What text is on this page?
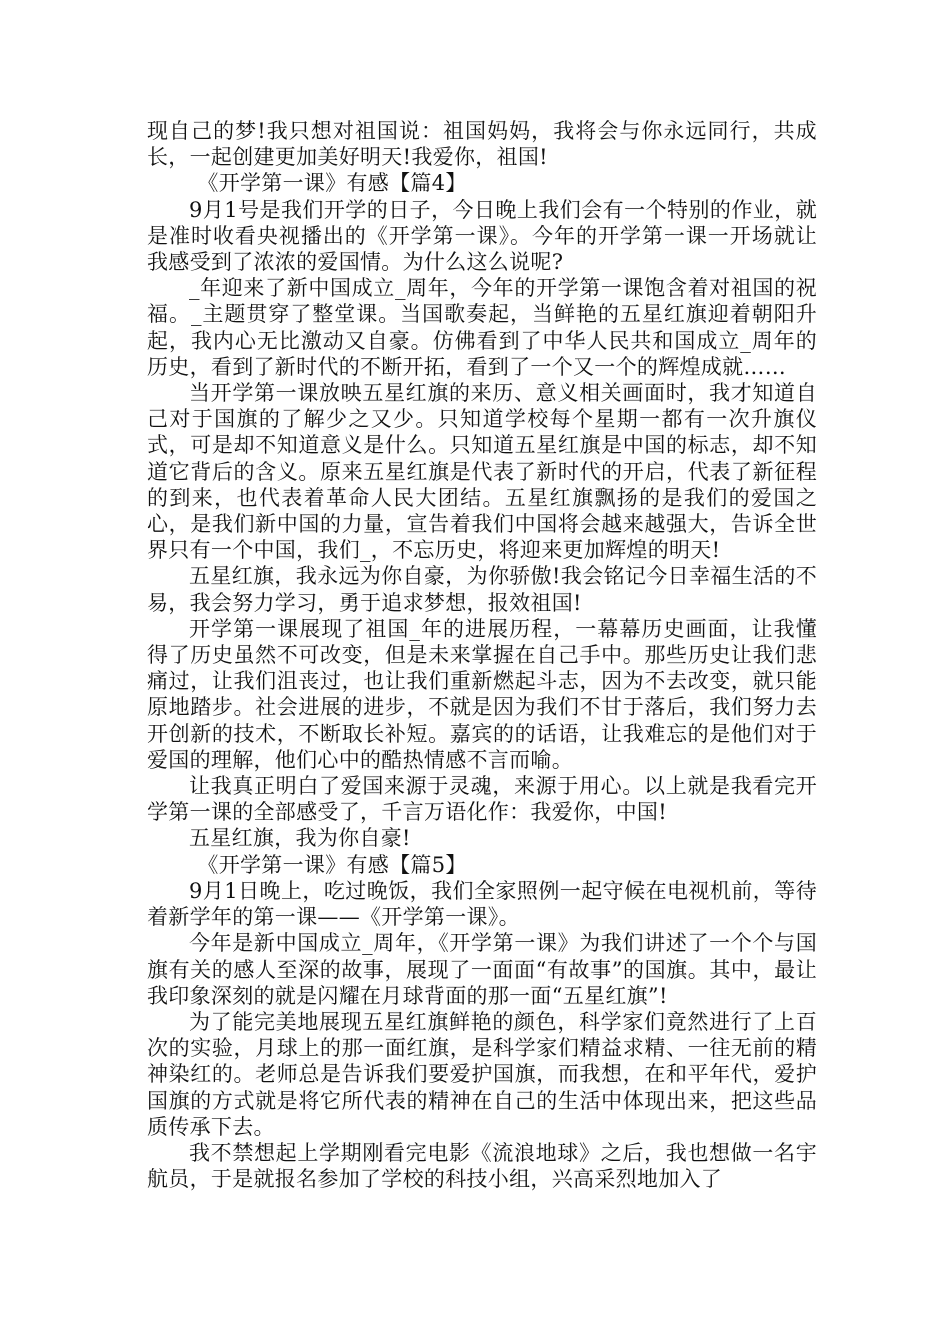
现自己的梦!我只想对祖国说：祖国妈妈，我将会与你永远同行，共成长，一起创建更加美好明天!我爱你，祖国!

《开学第一课》有感【篇4】

9月1号是我们开学的日子，今日晚上我们会有一个特别的作业，就是准时收看央视播出的《开学第一课》。今年的开学第一课一开场就让我感受到了浓浓的爱国情。为什么这么说呢?

_年迎来了新中国成立_周年，今年的开学第一课饱含着对祖国的祝福。_主题贯穿了整堂课。当国歌奏起，当鲜艳的五星红旗迎着朝阳升起，我内心无比激动又自豪。仿佛看到了中华人民共和国成立_周年的历史，看到了新时代的不断开拓，看到了一个又一个的辉煌成就……

当开学第一课放映五星红旗的来历、意义相关画面时，我才知道自己对于国旗的了解少之又少。只知道学校每个星期一都有一次升旗仪式，可是却不知道意义是什么。只知道五星红旗是中国的标志，却不知道它背后的含义。原来五星红旗是代表了新时代的开启，代表了新征程的到来，也代表着革命人民大团结。五星红旗飘扬的是我们的爱国之心，是我们新中国的力量，宣告着我们中国将会越来越强大，告诉全世界只有一个中国，我们_，不忘历史，将迎来更加辉煌的明天!

五星红旗，我永远为你自豪，为你骄傲!我会铭记今日幸福生活的不易，我会努力学习，勇于追求梦想，报效祖国!

开学第一课展现了祖国_年的进展历程，一幕幕历史画面，让我懂得了历史虽然不可改变，但是未来掌握在自己手中。那些历史让我们悲痛过，让我们沮丧过，也让我们重新燃起斗志，因为不去改变，就只能原地踏步。社会进展的进步，不就是因为我们不甘于落后，我们努力去开创新的技术，不断取长补短。嘉宾的的话语，让我难忘的是他们对于爱国的理解，他们心中的酷热情感不言而喻。

让我真正明白了爱国来源于灵魂，来源于用心。以上就是我看完开学第一课的全部感受了，千言万语化作：我爱你，中国!

五星红旗，我为你自豪!

《开学第一课》有感【篇5】

9月1日晚上，吃过晚饭，我们全家照例一起守候在电视机前，等待着新学年的第一课——《开学第一课》。

今年是新中国成立_周年，《开学第一课》为我们讲述了一个个与国旗有关的感人至深的故事，展现了一面面“有故事”的国旗。其中，最让我印象深刻的就是闪耀在月球背面的那一面“五星红旗”!

为了能完美地展现五星红旗鲜艳的颜色，科学家们竟然进行了上百次的实验，月球上的那一面红旗，是科学家们精益求精、一往无前的精神染红的。老师总是告诉我们要爱护国旗，而我想，在和平年代，爱护国旗的方式就是将它所代表的精神在自己的生活中体现出来，把这些品质传承下去。

我不禁想起上学期刚看完电影《流浪地球》之后，我也想做一名宇航员，于是就报名参加了学校的科技小组，兴高采烈地加入了
